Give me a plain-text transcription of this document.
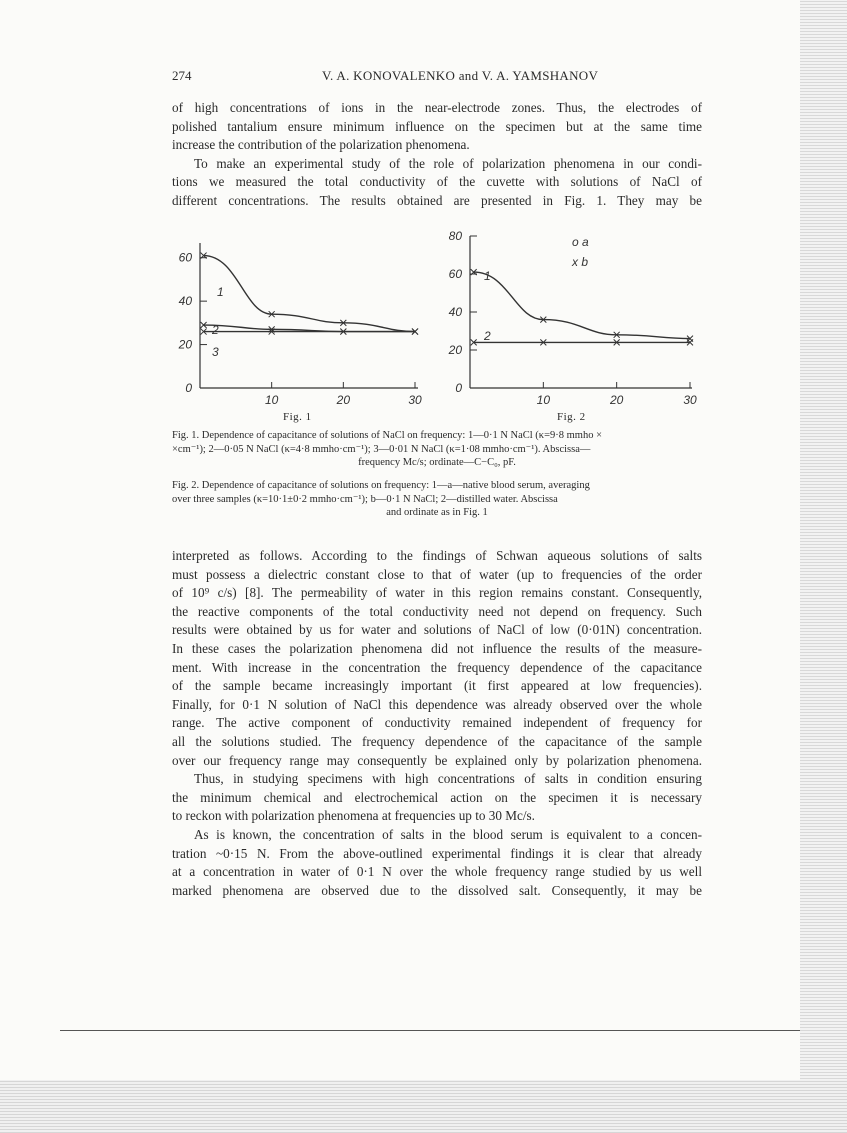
274	V. A. KONOVALENKO and V. A. YAMSHANOV
of high concentrations of ions in the near-electrode zones. Thus, the electrodes of
polished tantalium ensure minimum influence on the specimen but at the same time
increase the contribution of the polarization phenomena.
To make an experimental study of the role of polarization phenomena in our condi-
tions we measured the total conductivity of the cuvette with solutions of NaCl of
different concentrations. The results obtained are presented in Fig. 1. They may be
60
40
20
0
10	20	30
1
2
3
Fig. 1
80
60
40
20
0
10	20	30
1
2
o a
x b
Fig. 2
Fig. 1. Dependence of capacitance of solutions of NaCl on frequency: 1—0·1 N NaCl (κ=9·8 mmho ×
×cm⁻¹); 2—0·05 N NaCl (κ=4·8 mmho·cm⁻¹); 3—0·01 N NaCl (κ=1·08 mmho·cm⁻¹). Abscissa—
frequency Mc/s; ordinate—C−C₀, pF.
Fig. 2. Dependence of capacitance of solutions on frequency: 1—a—native blood serum, averaging
over three samples (κ=10·1±0·2 mmho·cm⁻¹); b—0·1 N NaCl; 2—distilled water. Abscissa
and ordinate as in Fig. 1
interpreted as follows. According to the findings of Schwan aqueous solutions of salts
must possess a dielectric constant close to that of water (up to frequencies of the order
of 10⁹ c/s) [8]. The permeability of water in this region remains constant. Consequently,
the reactive components of the total conductivity need not depend on frequency. Such
results were obtained by us for water and solutions of NaCl of low (0·01N) concentration.
In these cases the polarization phenomena did not influence the results of the measure-
ment. With increase in the concentration the frequency dependence of the capacitance
of the sample became increasingly important (it first appeared at low frequencies).
Finally, for 0·1 N solution of NaCl this dependence was already observed over the whole
range. The active component of conductivity remained independent of frequency for
all the solutions studied. The frequency dependence of the capacitance of the sample
over our frequency range may consequently be explained only by polarization phenomena.
Thus, in studying specimens with high concentrations of salts in condition ensuring
the minimum chemical and electrochemical action on the specimen it is necessary
to reckon with polarization phenomena at frequencies up to 30 Mc/s.
As is known, the concentration of salts in the blood serum is equivalent to a concen-
tration ~0·15 N. From the above-outlined experimental findings it is clear that already
at a concentration in water of 0·1 N over the whole frequency range studied by us well
marked phenomena are observed due to the dissolved salt. Consequently, it may be
